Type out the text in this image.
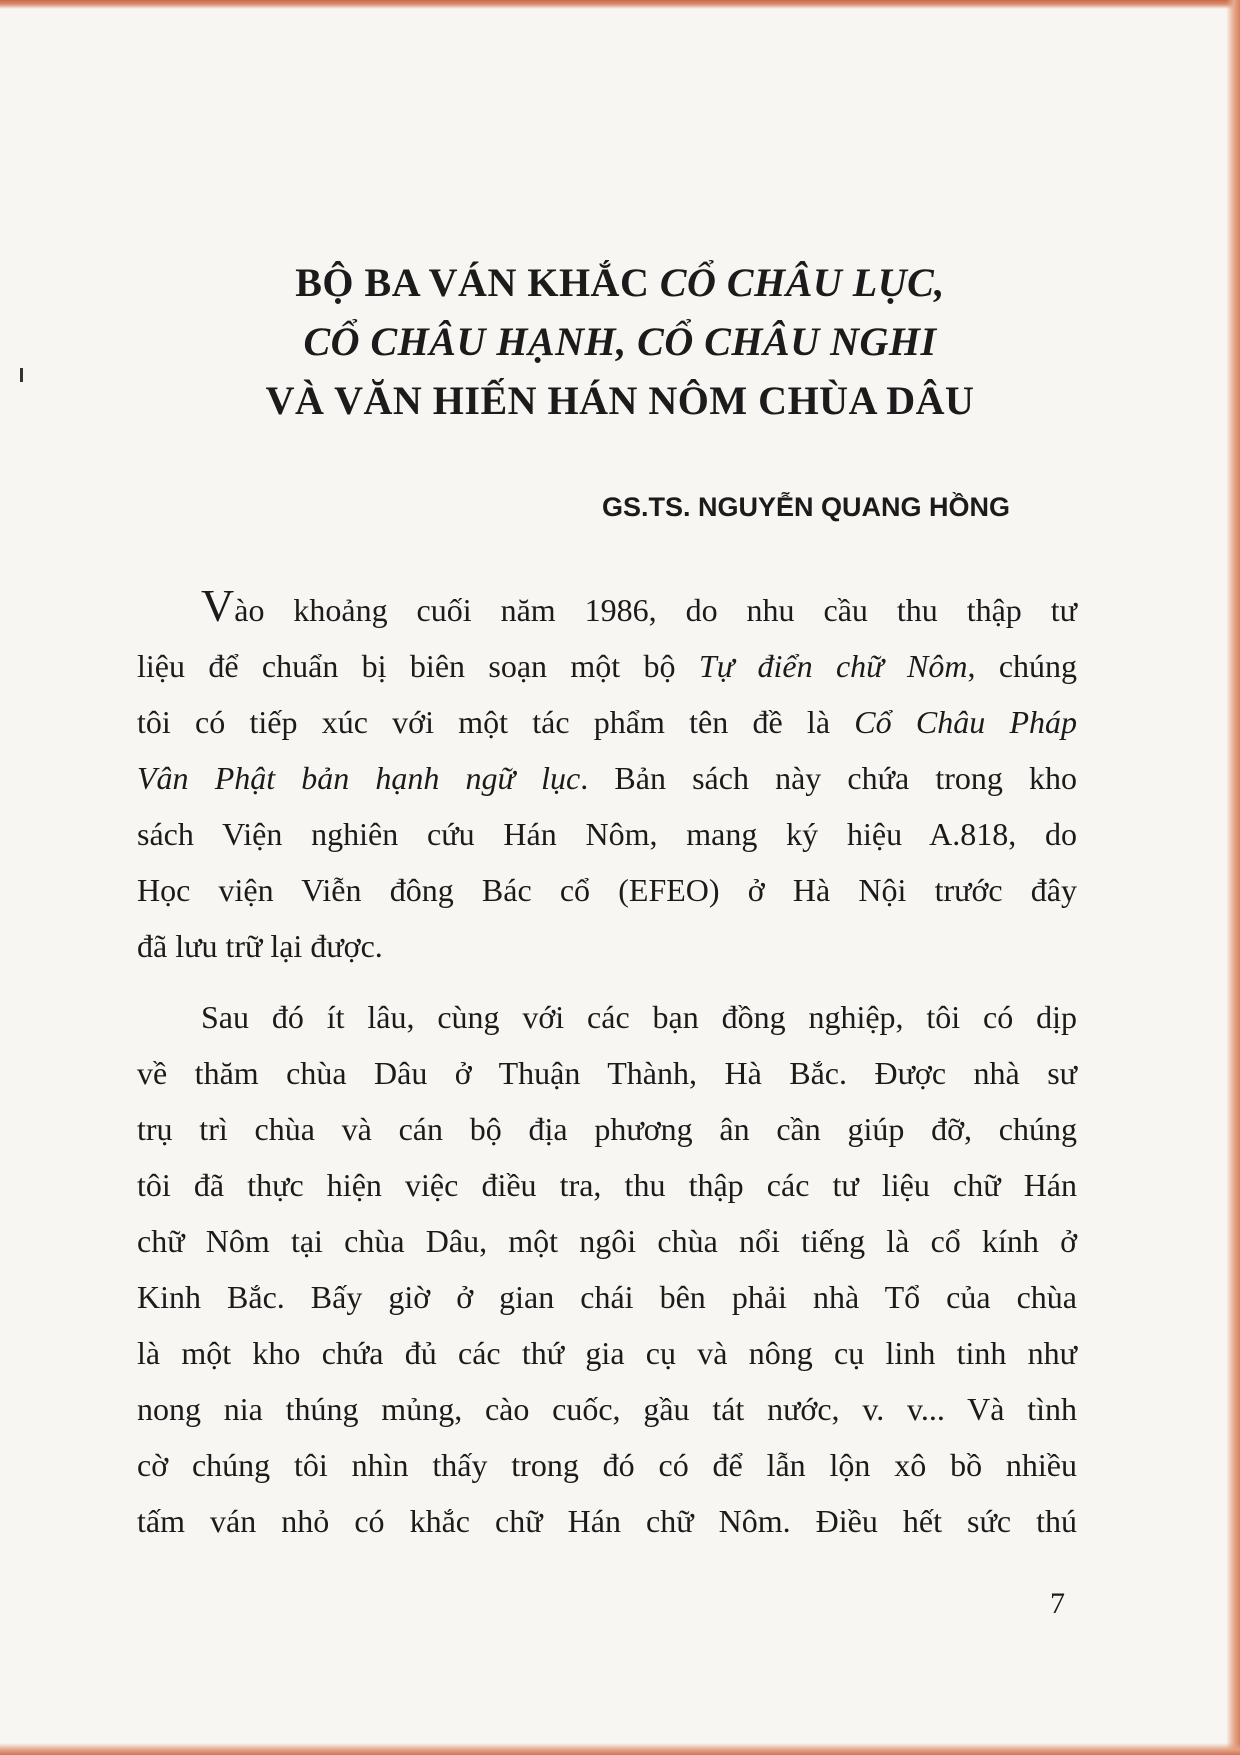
BỘ BA VÁN KHẮC CỔ CHÂU LỤC,
CỔ CHÂU HẠNH, CỔ CHÂU NGHI
VÀ VĂN HIẾN HÁN NÔM CHÙA DÂU
GS.TS. NGUYỄN QUANG HỒNG
Vào khoảng cuối năm 1986, do nhu cầu thu thập tư
liệu để chuẩn bị biên soạn một bộ Tự điển chữ Nôm, chúng
tôi có tiếp xúc với một tác phẩm tên đề là Cổ Châu Pháp
Vân Phật bản hạnh ngữ lục. Bản sách này chứa trong kho
sách Viện nghiên cứu Hán Nôm, mang ký hiệu A.818, do
Học viện Viễn đông Bác cổ (EFEO) ở Hà Nội trước đây
đã lưu trữ lại được.
Sau đó ít lâu, cùng với các bạn đồng nghiệp, tôi có dịp
về thăm chùa Dâu ở Thuận Thành, Hà Bắc. Được nhà sư
trụ trì chùa và cán bộ địa phương ân cần giúp đỡ, chúng
tôi đã thực hiện việc điều tra, thu thập các tư liệu chữ Hán
chữ Nôm tại chùa Dâu, một ngôi chùa nổi tiếng là cổ kính ở
Kinh Bắc. Bấy giờ ở gian chái bên phải nhà Tổ của chùa
là một kho chứa đủ các thứ gia cụ và nông cụ linh tinh như
nong nia thúng mủng, cào cuốc, gầu tát nước, v. v... Và tình
cờ chúng tôi nhìn thấy trong đó có để lẫn lộn xô bồ nhiều
tấm ván nhỏ có khắc chữ Hán chữ Nôm. Điều hết sức thú
7
